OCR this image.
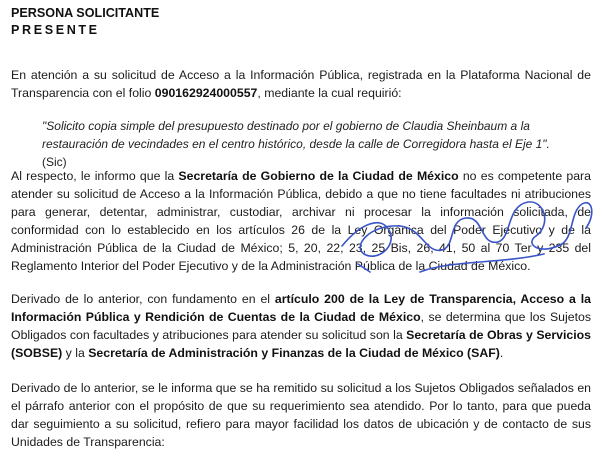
PERSONA SOLICITANTE
PRESENTE
En atención a su solicitud de Acceso a la Información Pública, registrada en la Plataforma Nacional de Transparencia con el folio 090162924000557, mediante la cual requirió:
"Solicito copia simple del presupuesto destinado por el gobierno de Claudia Sheinbaum a la restauración de vecindades en el centro histórico, desde la calle de Corregidora hasta el Eje 1". (Sic)
Al respecto, le informo que la Secretaría de Gobierno de la Ciudad de México no es competente para atender su solicitud de Acceso a la Información Pública, debido a que no tiene facultades ni atribuciones para generar, detentar, administrar, custodiar, archivar ni procesar la información solicitada, de conformidad con lo establecido en los artículos 26 de la Ley Orgánica del Poder Ejecutivo y de la Administración Pública de la Ciudad de México; 5, 20, 22, 23, 25 Bis, 26, 41, 50 al 70 Ter y 235 del Reglamento Interior del Poder Ejecutivo y de la Administración Pública de la Ciudad de México.
Derivado de lo anterior, con fundamento en el artículo 200 de la Ley de Transparencia, Acceso a la Información Pública y Rendición de Cuentas de la Ciudad de México, se determina que los Sujetos Obligados con facultades y atribuciones para atender su solicitud son la Secretaría de Obras y Servicios (SOBSE) y la Secretaría de Administración y Finanzas de la Ciudad de México (SAF).
Derivado de lo anterior, se le informa que se ha remitido su solicitud a los Sujetos Obligados señalados en el párrafo anterior con el propósito de que su requerimiento sea atendido. Por lo tanto, para que pueda dar seguimiento a su solicitud, refiero para mayor facilidad los datos de ubicación y de contacto de sus Unidades de Transparencia:
